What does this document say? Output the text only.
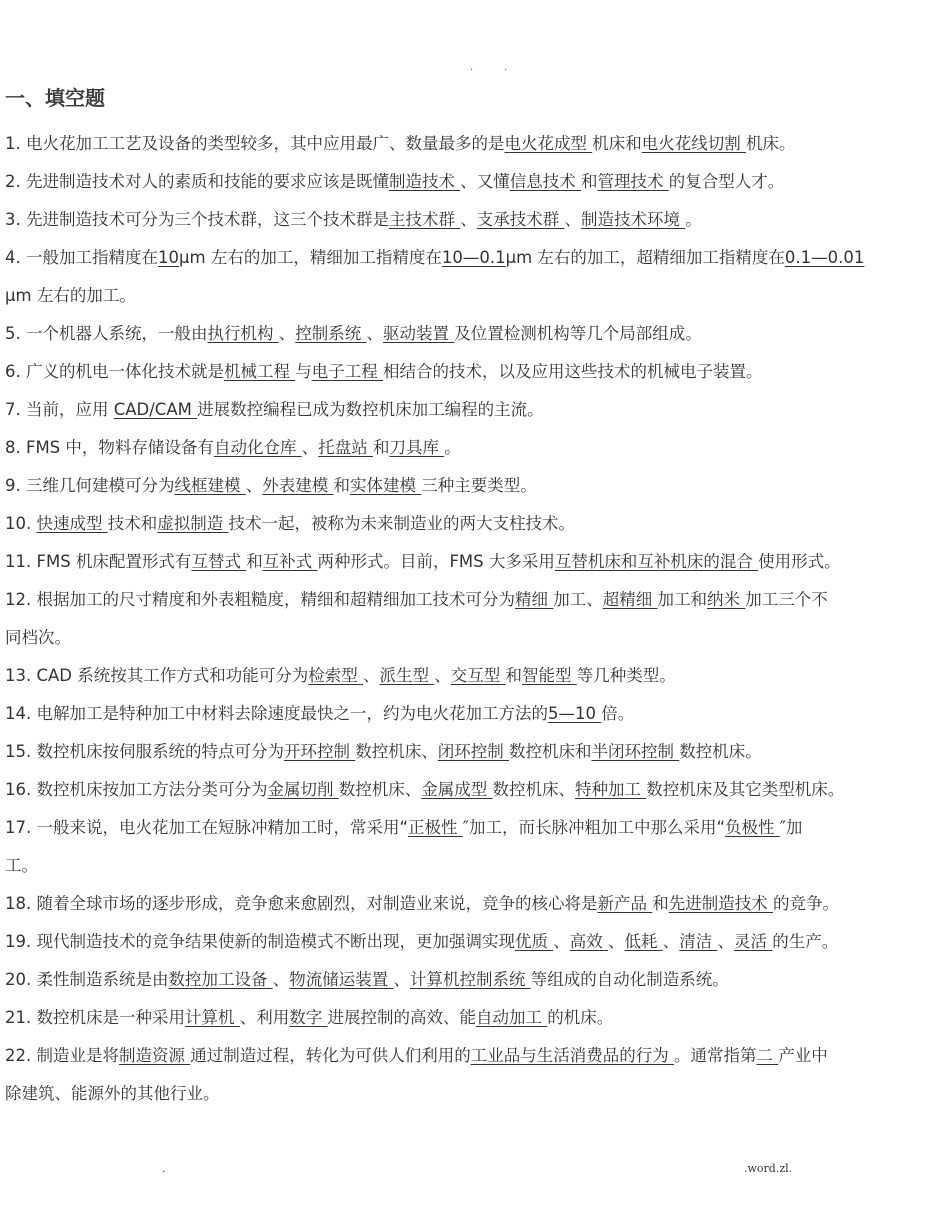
.	.
一、填空题

1. 电火花加工工艺及设备的类型较多，其中应用最广、数量最多的是电火花成型 机床和电火花线切割 机床。

2. 先进制造技术对人的素质和技能的要求应该是既懂制造技术 、又懂信息技术 和管理技术 的复合型人才。

3. 先进制造技术可分为三个技术群，这三个技术群是主技术群 、支承技术群 、制造技术环境 。

4. 一般加工指精度在10μm 左右的加工，精细加工指精度在10—0.1μm 左右的加工，超精细加工指精度在0.1—0.01
μm 左右的加工。

5. 一个机器人系统，一般由执行机构 、控制系统 、驱动装置 及位置检测机构等几个局部组成。

6. 广义的机电一体化技术就是机械工程 与电子工程 相结合的技术，以及应用这些技术的机械电子装置。

7. 当前，应用 CAD/CAM 进展数控编程已成为数控机床加工编程的主流。

8. FMS 中，物料存储设备有自动化仓库 、托盘站 和刀具库 。

9. 三维几何建模可分为线框建模 、外表建模 和实体建模 三种主要类型。

10. 快速成型 技术和虚拟制造 技术一起，被称为未来制造业的两大支柱技术。

11. FMS 机床配置形式有互替式 和互补式 两种形式。目前，FMS 大多采用互替机床和互补机床的混合 使用形式。

12. 根据加工的尺寸精度和外表粗糙度，精细和超精细加工技术可分为精细 加工、超精细 加工和纳米 加工三个不
同档次。

13. CAD 系统按其工作方式和功能可分为检索型 、派生型 、交互型 和智能型 等几种类型。

14. 电解加工是特种加工中材料去除速度最快之一，约为电火花加工方法的5—10 倍。

15. 数控机床按伺服系统的特点可分为开环控制 数控机床、闭环控制 数控机床和半闭环控制 数控机床。

16. 数控机床按加工方法分类可分为金属切削 数控机床、金属成型 数控机床、特种加工 数控机床及其它类型机床。

17. 一般来说，电火花加工在短脉冲精加工时，常采用“正极性 ″加工，而长脉冲粗加工中那么采用“负极性 ″加
工。

18. 随着全球市场的逐步形成，竞争愈来愈剧烈，对制造业来说，竞争的核心将是新产品 和先进制造技术 的竞争。

19. 现代制造技术的竞争结果使新的制造模式不断出现，更加强调实现优质 、高效 、低耗 、清洁 、灵活 的生产。

20. 柔性制造系统是由数控加工设备 、物流储运装置 、计算机控制系统 等组成的自动化制造系统。

21. 数控机床是一种采用计算机 、利用数字 进展控制的高效、能自动加工 的机床。

22. 制造业是将制造资源 通过制造过程，转化为可供人们利用的工业品与生活消费品的行为 。通常指第二 产业中
除建筑、能源外的其他行业。

.	.word.zl.
